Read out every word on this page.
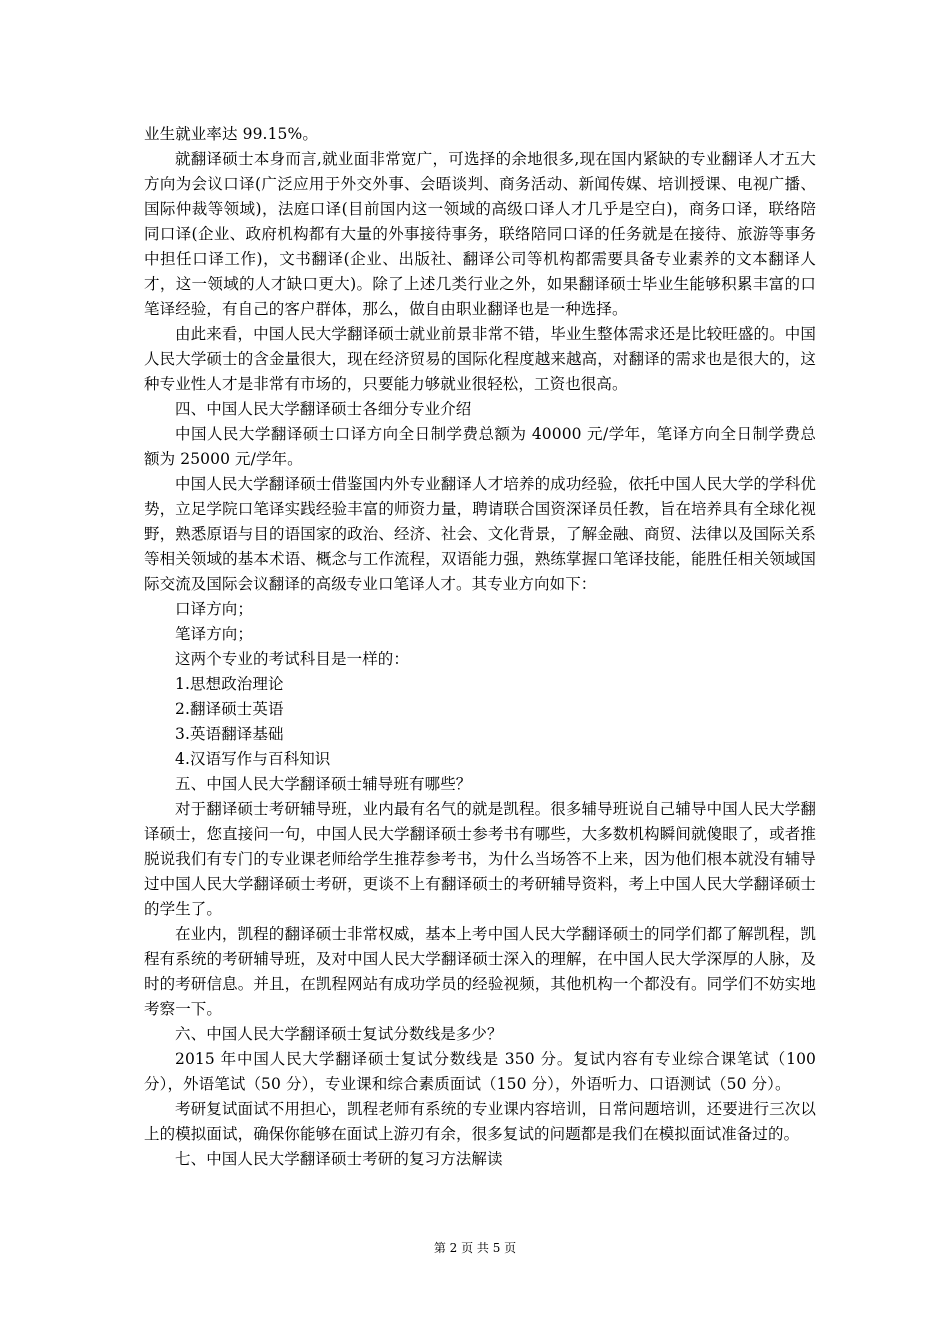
业生就业率达 99.15%。

就翻译硕士本身而言,就业面非常宽广，可选择的余地很多,现在国内紧缺的专业翻译人才五大方向为会议口译(广泛应用于外交外事、会晤谈判、商务活动、新闻传媒、培训授课、电视广播、国际仲裁等领域)，法庭口译(目前国内这一领域的高级口译人才几乎是空白)，商务口译，联络陪同口译(企业、政府机构都有大量的外事接待事务，联络陪同口译的任务就是在接待、旅游等事务中担任口译工作)，文书翻译(企业、出版社、翻译公司等机构都需要具备专业素养的文本翻译人才，这一领域的人才缺口更大)。除了上述几类行业之外，如果翻译硕士毕业生能够积累丰富的口笔译经验，有自己的客户群体，那么，做自由职业翻译也是一种选择。

由此来看，中国人民大学翻译硕士就业前景非常不错，毕业生整体需求还是比较旺盛的。中国人民大学硕士的含金量很大，现在经济贸易的国际化程度越来越高，对翻译的需求也是很大的，这种专业性人才是非常有市场的，只要能力够就业很轻松，工资也很高。

四、中国人民大学翻译硕士各细分专业介绍

中国人民大学翻译硕士口译方向全日制学费总额为 40000 元/学年，笔译方向全日制学费总额为 25000 元/学年。

中国人民大学翻译硕士借鉴国内外专业翻译人才培养的成功经验，依托中国人民大学的学科优势，立足学院口笔译实践经验丰富的师资力量，聘请联合国资深译员任教，旨在培养具有全球化视野，熟悉原语与目的语国家的政治、经济、社会、文化背景，了解金融、商贸、法律以及国际关系等相关领域的基本术语、概念与工作流程，双语能力强，熟练掌握口笔译技能，能胜任相关领域国际交流及国际会议翻译的高级专业口笔译人才。其专业方向如下：

口译方向；

笔译方向；

这两个专业的考试科目是一样的：

1.思想政治理论

2.翻译硕士英语

3.英语翻译基础

4.汉语写作与百科知识

五、中国人民大学翻译硕士辅导班有哪些？

对于翻译硕士考研辅导班，业内最有名气的就是凯程。很多辅导班说自己辅导中国人民大学翻译硕士，您直接问一句，中国人民大学翻译硕士参考书有哪些，大多数机构瞬间就傻眼了，或者推脱说我们有专门的专业课老师给学生推荐参考书，为什么当场答不上来，因为他们根本就没有辅导过中国人民大学翻译硕士考研，更谈不上有翻译硕士的考研辅导资料，考上中国人民大学翻译硕士的学生了。

在业内，凯程的翻译硕士非常权威，基本上考中国人民大学翻译硕士的同学们都了解凯程，凯程有系统的考研辅导班，及对中国人民大学翻译硕士深入的理解，在中国人民大学深厚的人脉，及时的考研信息。并且，在凯程网站有成功学员的经验视频，其他机构一个都没有。同学们不妨实地考察一下。

六、中国人民大学翻译硕士复试分数线是多少？

2015 年中国人民大学翻译硕士复试分数线是 350 分。复试内容有专业综合课笔试（100 分），外语笔试（50 分），专业课和综合素质面试（150 分），外语听力、口语测试（50 分）。

考研复试面试不用担心，凯程老师有系统的专业课内容培训，日常问题培训，还要进行三次以上的模拟面试，确保你能够在面试上游刃有余，很多复试的问题都是我们在模拟面试准备过的。

七、中国人民大学翻译硕士考研的复习方法解读

第 2 页 共 5 页
